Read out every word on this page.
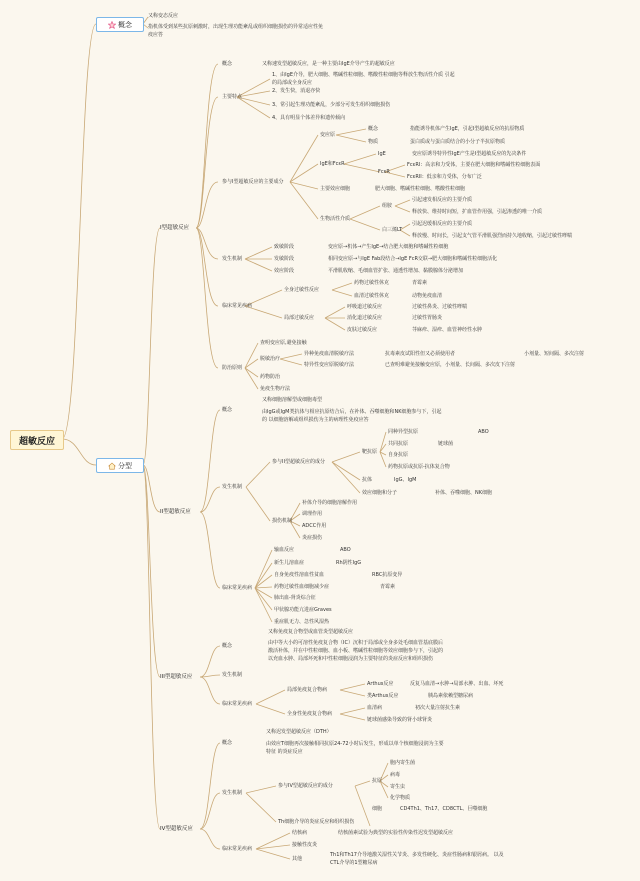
超敏反应
概念
又称变态反应
指机体受到某些抗原刺激时，出现生理功能紊乱或组织细胞损伤的异常适应性免
疫应答
分型
I型超敏反应
概念	又称速发型超敏反应，是一种主要由IgE介导产生的超敏反应
主要特点
1、由IgE介导，肥大细胞、嗜碱性粒细胞、嗜酸性粒细胞等释放生物活性介质 引起
的局部或全身反应
2、发生快，消退亦快
3、常引起生理功能紊乱，少部分可发生组织细胞损伤
4、具有明显个体差异和遗传倾向
参与I型超敏反应的主要成分
变应原
概念	指能诱导机体产生IgE，引起I型超敏反应的抗原物质
物质	蛋白质或与蛋白质结合的小分子半抗原物质
IgE和FcεR
IgE	变应原诱导特异性IgE产生是I型超敏反应的先决条件
FcεR
FcεRI：高亲和力受体，主要在肥大细胞和嗜碱性粒细胞表面
FcεRII：低亲和力受体，分布广泛
主要效应细胞	肥大细胞、嗜碱性粒细胞、嗜酸性粒细胞
生物活性介质
组胺
引起速发相反应的主要介质
释放快、维持时间短，扩血管作用强，引起渗透的唯一介质
白三烯LT
引起迟缓相反应的主要介质
释放慢、时间长，引起支气管平滑肌强烈而持久地收缩，引起过敏性哮喘
发生机制
致敏阶段	变应原→机体→产生IgE→结合肥大细胞和嗜碱性粒细胞
发敏阶段	相同变应原→与IgE Fab段结合→IgE FcR交联→肥大细胞和嗜碱性粒细胞活化
效应阶段	平滑肌收缩、毛细血管扩张、通透性增加、黏膜腺体分泌增加
临床常见疾病
全身过敏性反应
药物过敏性休克	青霉素
血清过敏性休克	动物免疫血清
局部过敏反应
呼吸道过敏反应	过敏性鼻炎、过敏性哮喘
消化道过敏反应	过敏性胃肠炎
皮肤过敏反应	荨麻疹、湿疹、血管神经性水肿
防治原则
查明变应原,避免接触
脱敏治疗
异种免疫血清脱敏疗法	抗毒素皮试阳性但又必须使用者	小剂量、短间隔、多次注射
特异性变应原脱敏疗法	已查明难避免接触变应原，小剂量、长间隔、多次皮下注射
药物防治
免疫生物疗法
II型超敏反应
概念
又称细胞溶解型或细胞毒型
由IgG或IgM类抗体与相应抗原结合后，在补体、吞噬细胞和NK细胞参与下，引起
的 以细胞溶解或组织损伤为主的病理性免疫应答
发生机制
参与II型超敏反应的成分
靶抗原
同种异型抗原	ABO
共同抗原	链球菌
自身抗原
药物抗原或抗原-抗体复合物
抗体	IgG、IgM
效应细胞和分子	补体、吞噬细胞、NK细胞
损伤机制
补体介导的细胞溶解作用
调理作用
ADCC作用
炎症损伤
临床常见疾病
输血反应	ABO
新生儿溶血症	Rh阴性IgG
自身免疫性溶血性贫血	RBC抗原变异
药物过敏性血细胞减少症	青霉素
肺出血-肾炎综合征
甲状腺功能亢进症Graves
重症肌无力、急性风湿热
III型超敏反应
概念
又称免疫复合物型或血管炎型超敏反应
由中等大小的可溶性免疫复合物（IC）沉积于局部或全身多处毛细血管基底膜后
激活补体，并在中性粒细胞、血小板、嗜碱性粒细胞等效应细胞参与下，引起的
以充血水肿、局部坏死和中性粒细胞浸润为主要特征的炎症反应和组织损伤
发生机制
临床常见疾病
局部免疫复合物病
Arthus反应	反复马血清→水肿→局部水肿、出血、坏死
类Arthus反应	胰岛素依赖型糖尿病
全身性免疫复合物病
血清病	初次大量注射抗生素
链球菌感染导致的肾小球肾炎
IV型超敏反应
概念
又称迟发型超敏反应（DTH）
由效应T细胞再次接触相同抗原24-72小时后发生，形成以单个核细胞浸润为主要
特征 的炎症反应
发生机制
参与IV型超敏反应的成分
抗原
胞内寄生菌
病毒
寄生虫
化学物质
细胞	CD4Th1、Th17、CD8CTL、巨噬细胞
Th细胞介导的炎症反应和组织损伤
临床常见疾病
结核病	结核菌素试验为典型的实验性传染性迟发型超敏反应
接触性皮炎
其他
Th1和Th17介导地激关湿性关节炎、多发性硬化、炎症性肠病和银屑病。 以及
CTL介导的1型糖尿病
